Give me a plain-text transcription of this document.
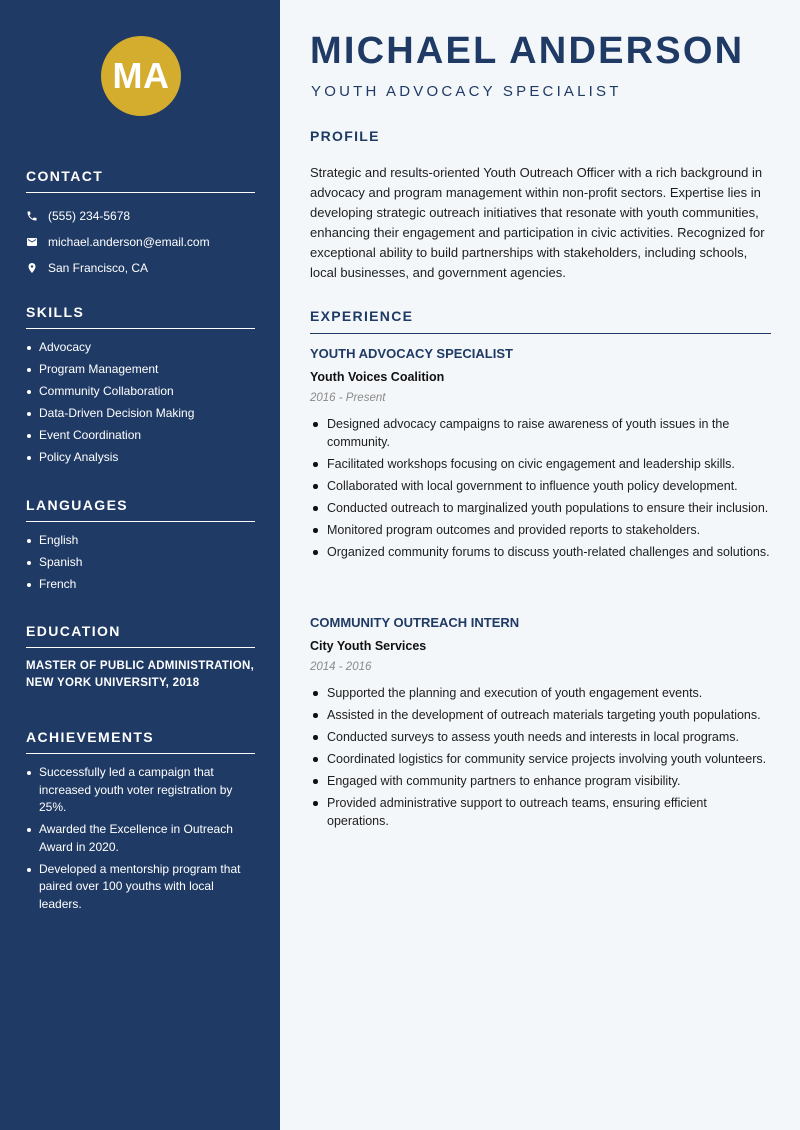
MA
CONTACT
(555) 234-5678
michael.anderson@email.com
San Francisco, CA
SKILLS
Advocacy
Program Management
Community Collaboration
Data-Driven Decision Making
Event Coordination
Policy Analysis
LANGUAGES
English
Spanish
French
EDUCATION
MASTER OF PUBLIC ADMINISTRATION, NEW YORK UNIVERSITY, 2018
ACHIEVEMENTS
Successfully led a campaign that increased youth voter registration by 25%.
Awarded the Excellence in Outreach Award in 2020.
Developed a mentorship program that paired over 100 youths with local leaders.
MICHAEL ANDERSON
YOUTH ADVOCACY SPECIALIST
PROFILE
Strategic and results-oriented Youth Outreach Officer with a rich background in advocacy and program management within non-profit sectors. Expertise lies in developing strategic outreach initiatives that resonate with youth communities, enhancing their engagement and participation in civic activities. Recognized for exceptional ability to build partnerships with stakeholders, including schools, local businesses, and government agencies.
EXPERIENCE
YOUTH ADVOCACY SPECIALIST
Youth Voices Coalition
2016 - Present
Designed advocacy campaigns to raise awareness of youth issues in the community.
Facilitated workshops focusing on civic engagement and leadership skills.
Collaborated with local government to influence youth policy development.
Conducted outreach to marginalized youth populations to ensure their inclusion.
Monitored program outcomes and provided reports to stakeholders.
Organized community forums to discuss youth-related challenges and solutions.
COMMUNITY OUTREACH INTERN
City Youth Services
2014 - 2016
Supported the planning and execution of youth engagement events.
Assisted in the development of outreach materials targeting youth populations.
Conducted surveys to assess youth needs and interests in local programs.
Coordinated logistics for community service projects involving youth volunteers.
Engaged with community partners to enhance program visibility.
Provided administrative support to outreach teams, ensuring efficient operations.
